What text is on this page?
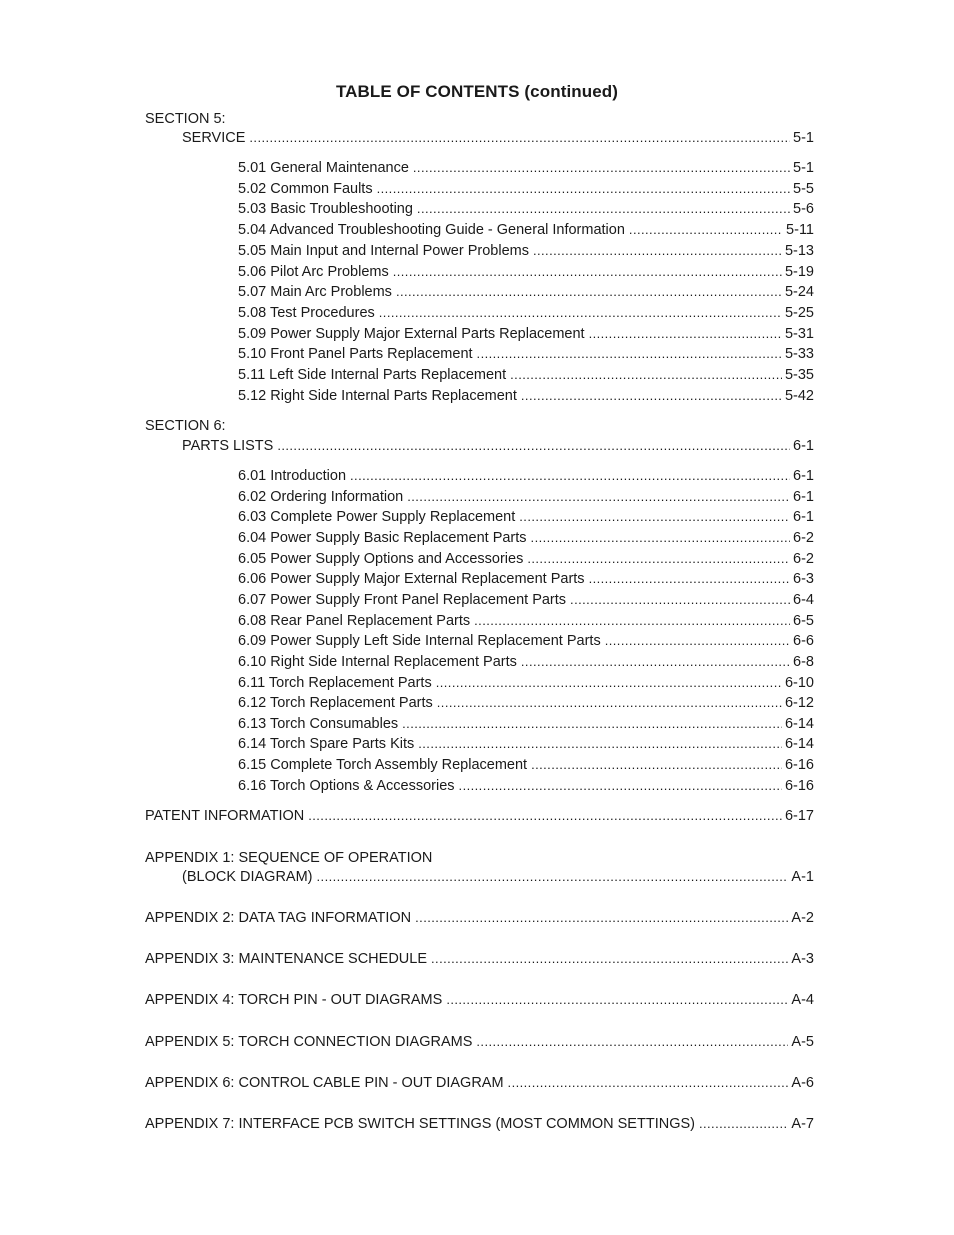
TABLE OF CONTENTS (continued)
SECTION 5:
SERVICE . . .	5-1
5.01 General Maintenance . . .	5-1
5.02 Common Faults . . .	5-5
5.03 Basic Troubleshooting . . .	5-6
5.04 Advanced Troubleshooting Guide - General Information . . .	5-11
5.05 Main Input and Internal Power Problems . . .	5-13
5.06 Pilot Arc Problems . . .	5-19
5.07 Main Arc Problems . . .	5-24
5.08 Test Procedures . . .	5-25
5.09 Power Supply Major External Parts Replacement . . .	5-31
5.10 Front Panel Parts Replacement . . .	5-33
5.11 Left Side Internal Parts Replacement . . .	5-35
5.12 Right Side Internal Parts Replacement . . .	5-42
SECTION 6:
PARTS LISTS . . .	6-1
6.01 Introduction . . .	6-1
6.02 Ordering Information . . .	6-1
6.03 Complete Power Supply Replacement . . .	6-1
6.04 Power Supply Basic Replacement Parts . . .	6-2
6.05 Power Supply Options and Accessories . . .	6-2
6.06 Power Supply Major External Replacement Parts . . .	6-3
6.07 Power Supply Front Panel Replacement Parts . . .	6-4
6.08 Rear Panel Replacement Parts . . .	6-5
6.09 Power Supply Left Side Internal Replacement Parts . . .	6-6
6.10 Right Side Internal Replacement Parts . . .	6-8
6.11 Torch Replacement Parts . . .	6-10
6.12 Torch Replacement Parts . . .	6-12
6.13 Torch Consumables . . .	6-14
6.14 Torch Spare Parts Kits . . .	6-14
6.15 Complete Torch Assembly Replacement . . .	6-16
6.16 Torch Options & Accessories . . .	6-16
PATENT INFORMATION . . .	6-17
APPENDIX 1: SEQUENCE OF OPERATION
(BLOCK DIAGRAM) . . .	A-1
APPENDIX 2: DATA TAG INFORMATION . . .	A-2
APPENDIX 3: MAINTENANCE SCHEDULE . . .	A-3
APPENDIX 4: TORCH PIN - OUT DIAGRAMS . . .	A-4
APPENDIX 5: TORCH CONNECTION DIAGRAMS . . .	A-5
APPENDIX 6: CONTROL CABLE PIN - OUT DIAGRAM . . .	A-6
APPENDIX 7: INTERFACE PCB SWITCH SETTINGS (MOST COMMON SETTINGS) . . .	A-7
